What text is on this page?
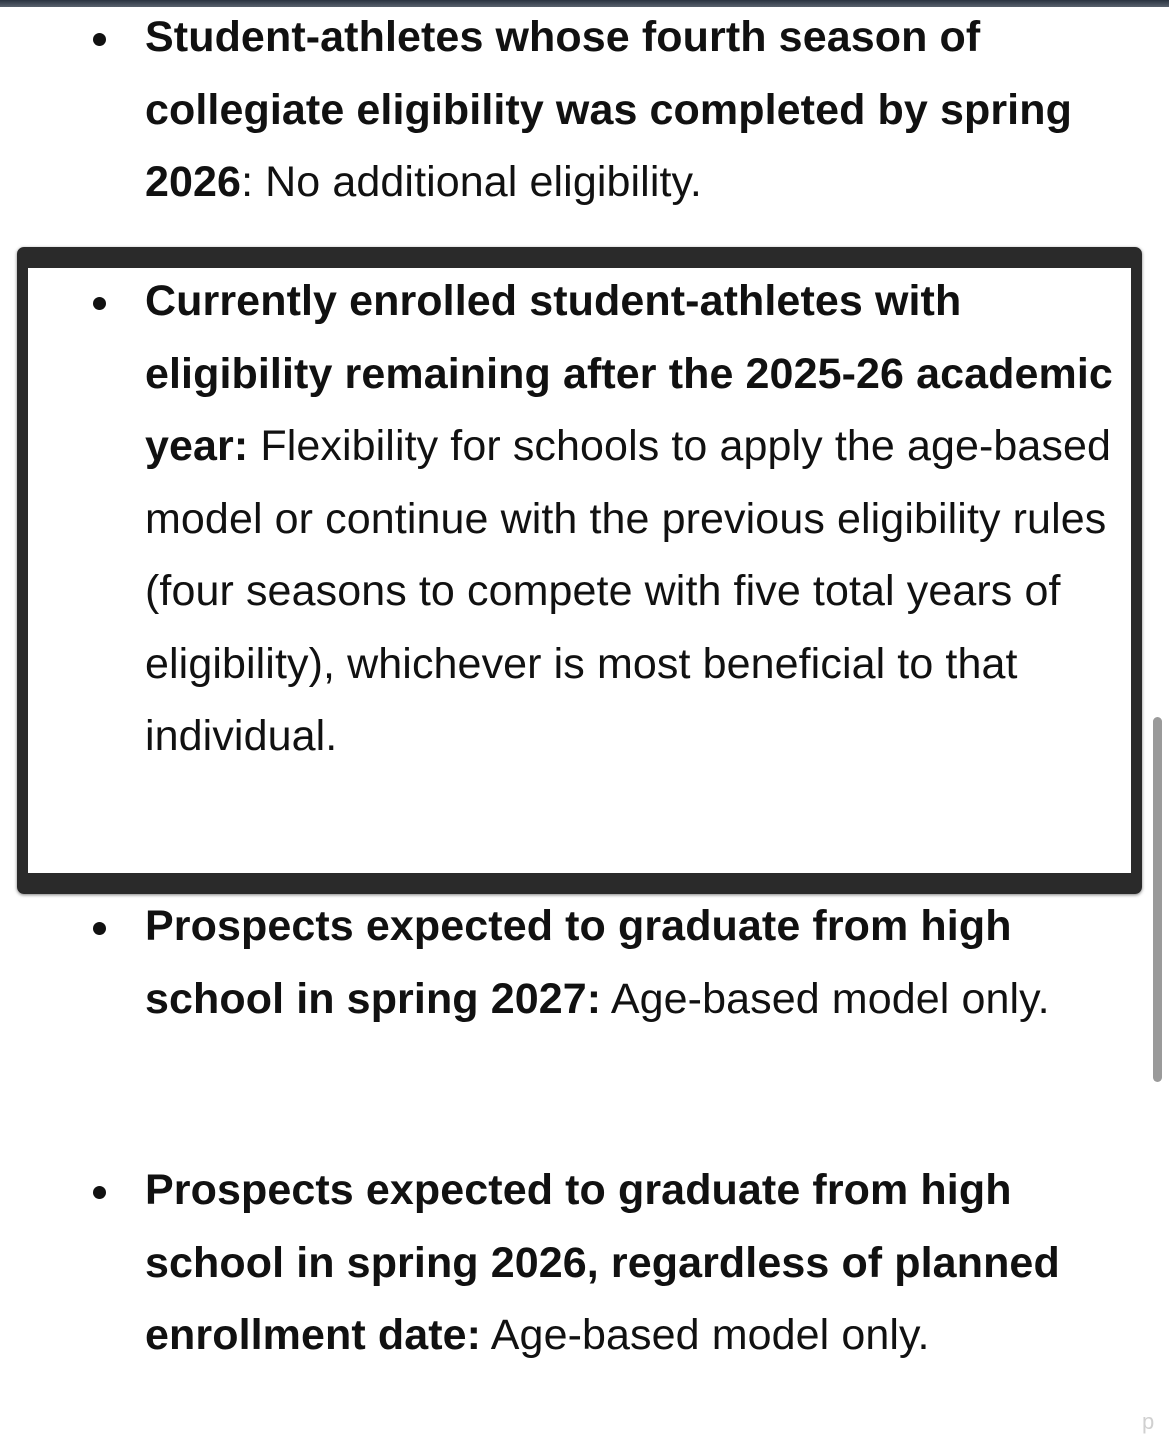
Student-athletes whose fourth season of collegiate eligibility was completed by spring 2026: No additional eligibility.
Currently enrolled student-athletes with eligibility remaining after the 2025-26 academic year: Flexibility for schools to apply the age-based model or continue with the previous eligibility rules (four seasons to compete with five total years of eligibility), whichever is most beneficial to that individual.
Prospects expected to graduate from high school in spring 2027: Age-based model only.
Prospects expected to graduate from high school in spring 2026, regardless of planned enrollment date: Age-based model only.
p
